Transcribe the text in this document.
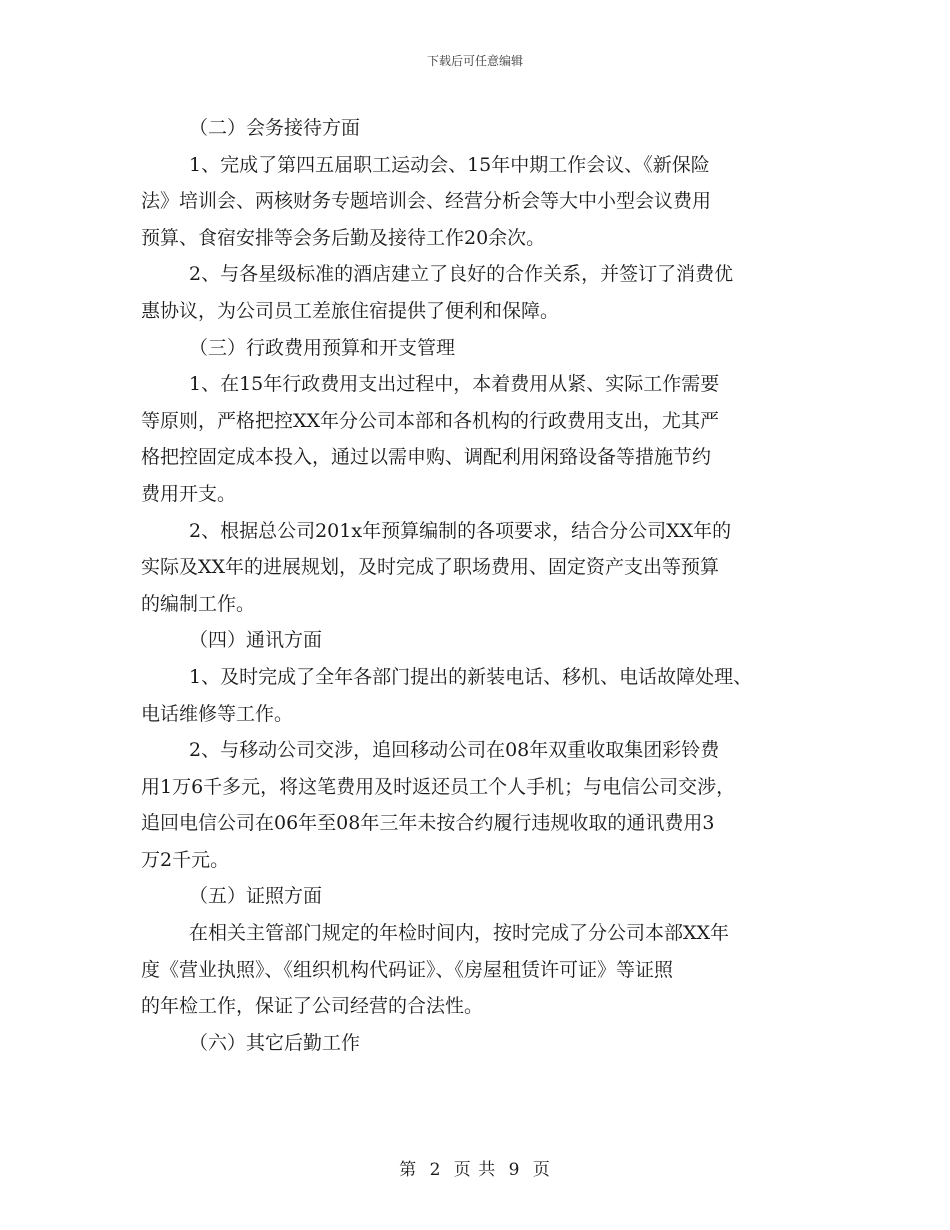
下载后可任意编辑
（二）会务接待方面
1、完成了第四五届职工运动会、15年中期工作会议、《新保险
法》培训会、两核财务专题培训会、经营分析会等大中小型会议费用
预算、食宿安排等会务后勤及接待工作20余次。
2、与各星级标准的酒店建立了良好的合作关系，并签订了消费优
惠协议，为公司员工差旅住宿提供了便利和保障。
（三）行政费用预算和开支管理
1、在15年行政费用支出过程中，本着费用从紧、实际工作需要
等原则，严格把控XX年分公司本部和各机构的行政费用支出，尤其严
格把控固定成本投入，通过以需申购、调配利用闲臵设备等措施节约
费用开支。
2、根据总公司201x年预算编制的各项要求，结合分公司XX年的
实际及XX年的进展规划，及时完成了职场费用、固定资产支出等预算
的编制工作。
（四）通讯方面
1、及时完成了全年各部门提出的新装电话、移机、电话故障处理、
电话维修等工作。
2、与移动公司交涉，追回移动公司在08年双重收取集团彩铃费
用1万6千多元，将这笔费用及时返还员工个人手机；与电信公司交涉，
追回电信公司在06年至08年三年未按合约履行违规收取的通讯费用3
万2千元。
（五）证照方面
在相关主管部门规定的年检时间内，按时完成了分公司本部XX年
度《营业执照》、《组织机构代码证》、《房屋租赁许可证》等证照
的年检工作，保证了公司经营的合法性。
（六）其它后勤工作
第 2 页 共 9 页
